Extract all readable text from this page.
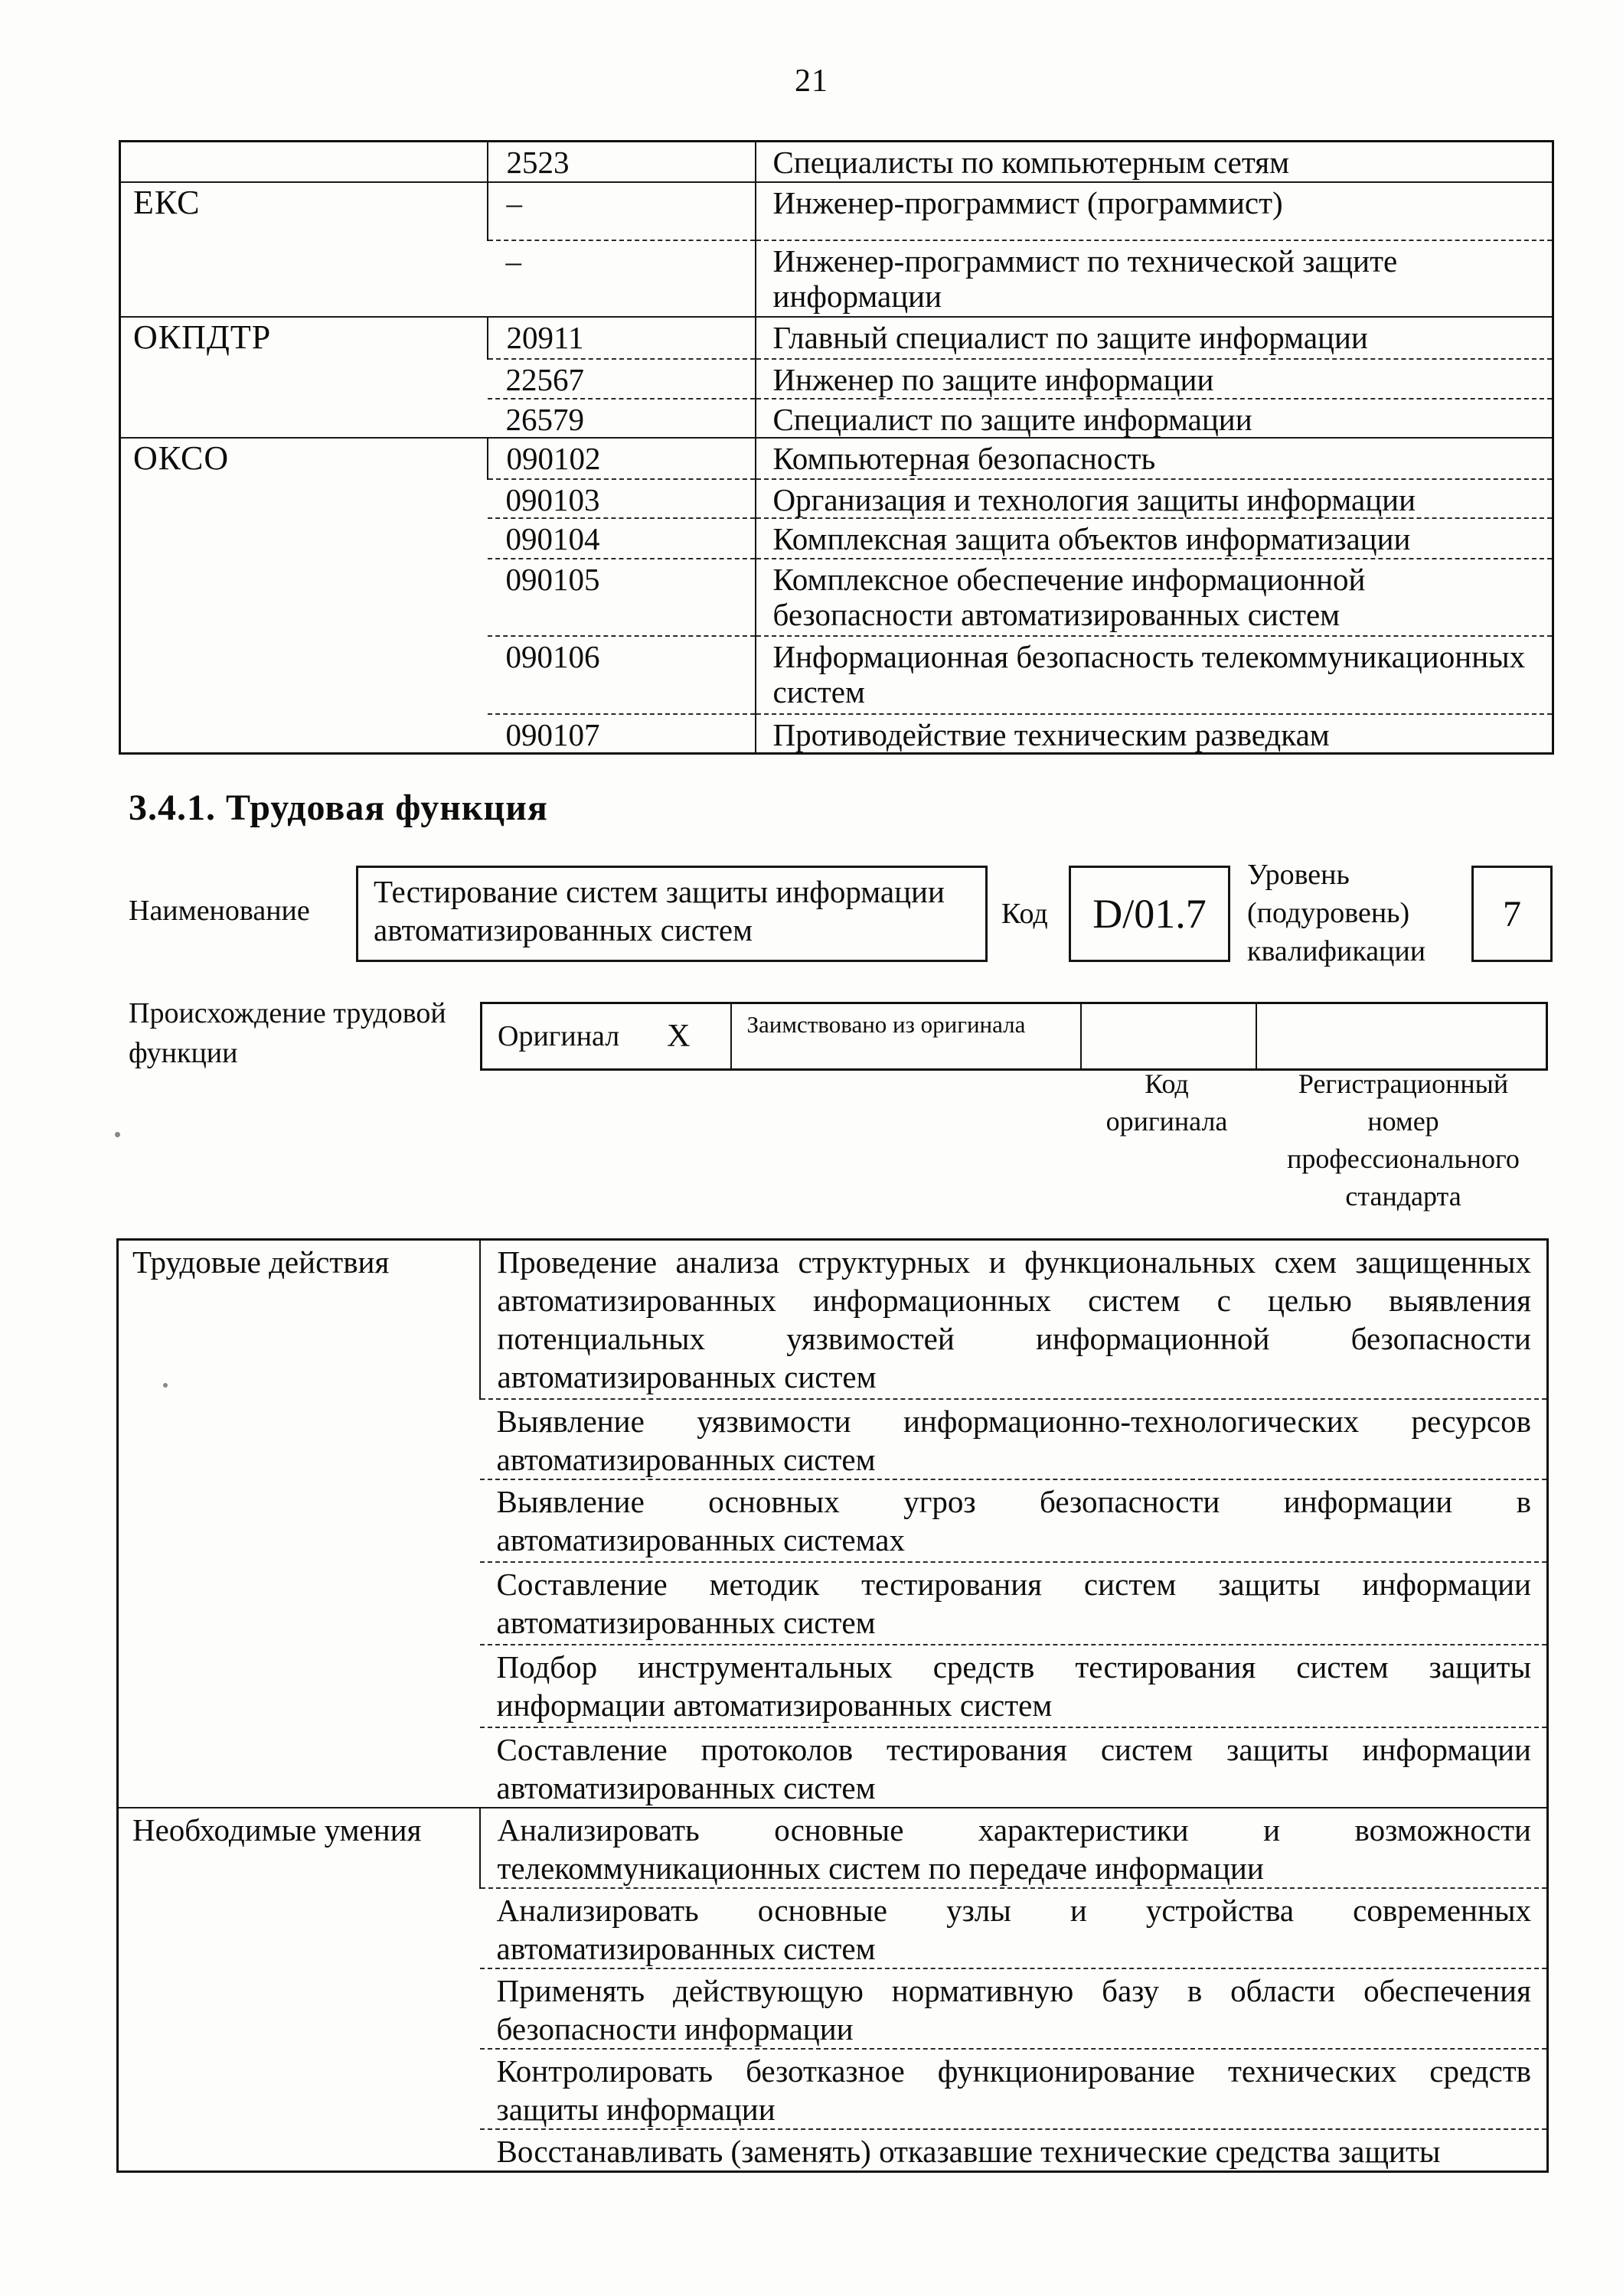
21
	2523	Специалисты по компьютерным сетям
ЕКС	–	Инженер-программист (программист)
	–	Инженер-программист по технической защите информации
ОКПДТР	20911	Главный специалист по защите информации
	22567	Инженер по защите информации
	26579	Специалист по защите информации
ОКСО	090102	Компьютерная безопасность
	090103	Организация и технология защиты информации
	090104	Комплексная защита объектов информатизации
	090105	Комплексное обеспечение информационной безопасности автоматизированных систем
	090106	Информационная безопасность телекоммуникационных систем
	090107	Противодействие техническим разведкам
3.4.1. Трудовая функция
Наименование
Тестирование систем защиты информации автоматизированных систем	Код	D/01.7
Уровень (подуровень) квалификации
7
Происхождение трудовой функции
Оригинал X	Заимствовано из оригинала		
Код оригинала
Регистрационный номер профессионального стандарта
Трудовые действия	Проведение анализа структурных и функциональных схем защищенных автоматизированных информационных систем с целью выявления потенциальных уязвимостей информационной безопасности автоматизированных систем
	Выявление уязвимости информационно-технологических ресурсов автоматизированных систем
	Выявление основных угроз безопасности информации в автоматизированных системах
	Составление методик тестирования систем защиты информации автоматизированных систем
	Подбор инструментальных средств тестирования систем защиты информации автоматизированных систем
	Составление протоколов тестирования систем защиты информации автоматизированных систем
Необходимые умения	Анализировать основные характеристики и возможности телекоммуникационных систем по передаче информации
	Анализировать основные узлы и устройства современных автоматизированных систем
	Применять действующую нормативную базу в области обеспечения безопасности информации
	Контролировать безотказное функционирование технических средств защиты информации
	Восстанавливать (заменять) отказавшие технические средства защиты
